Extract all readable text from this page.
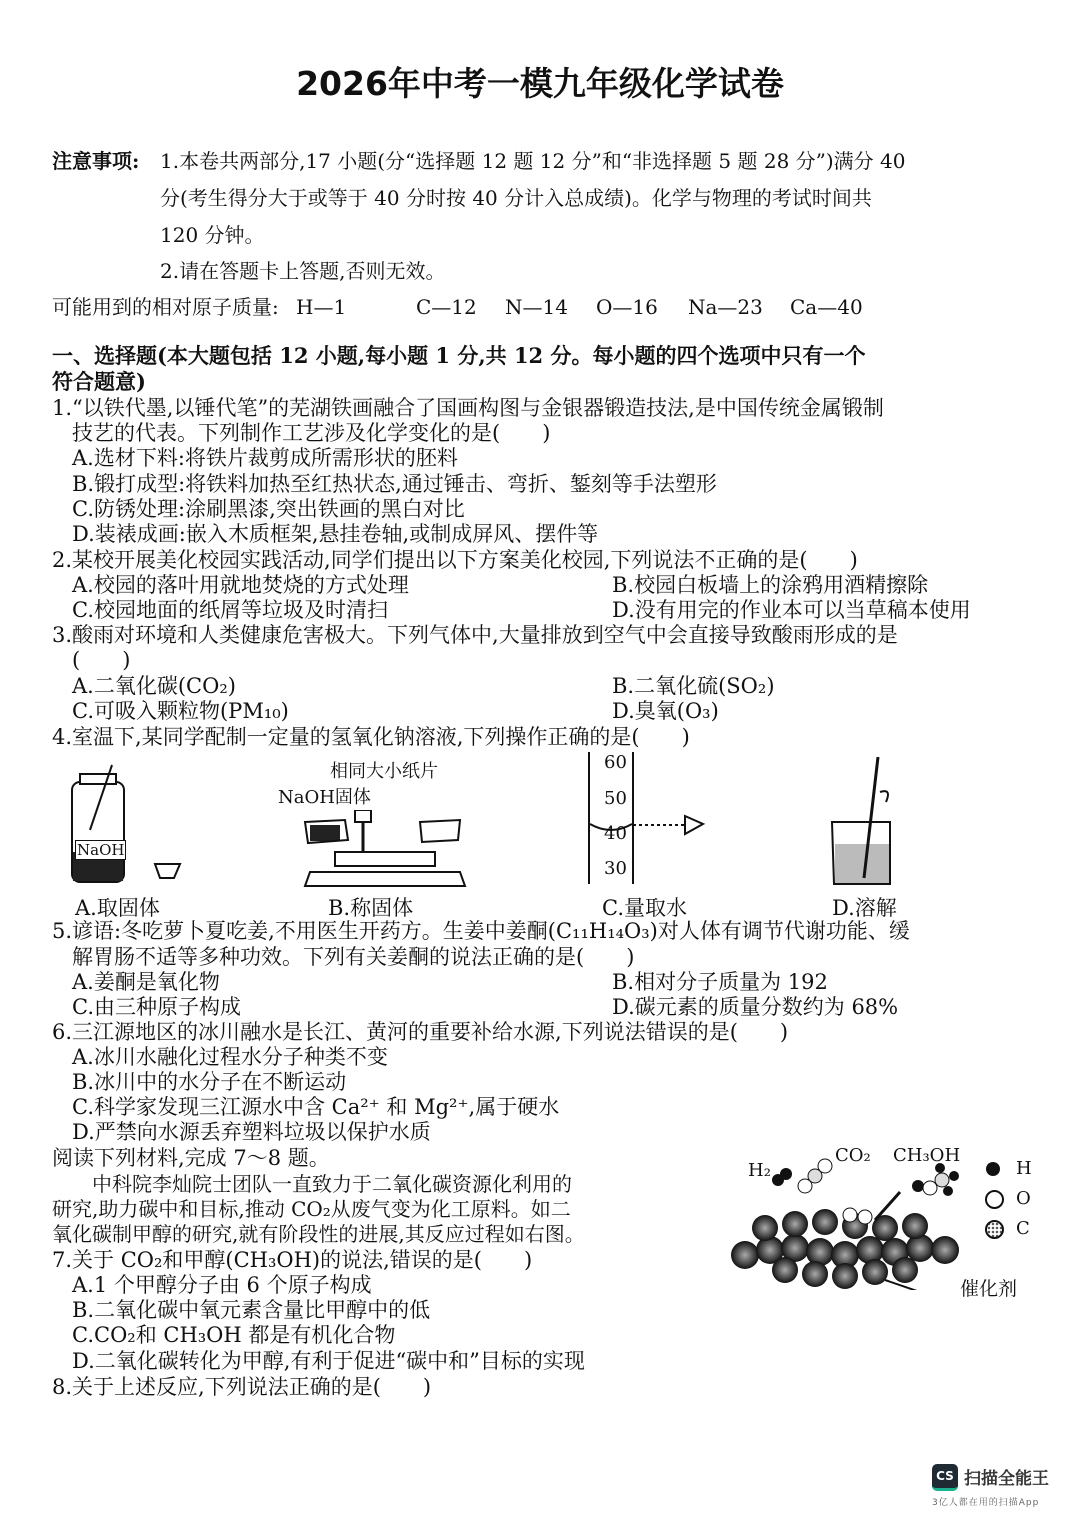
2026年中考一模九年级化学试卷
注意事项: 1.本卷共两部分,17 小题(分“选择题 12 题 12 分”和“非选择题 5 题 28 分”)满分 40
分(考生得分大于或等于 40 分时按 40 分计入总成绩)。化学与物理的考试时间共
120 分钟。
2.请在答题卡上答题,否则无效。
可能用到的相对原子质量: H—1	C—12 N—14 O—16 Na—23 Ca—40
一、选择题(本大题包括 12 小题,每小题 1 分,共 12 分。每小题的四个选项中只有一个
符合题意)
1.“以铁代墨,以锤代笔”的芜湖铁画融合了国画构图与金银器锻造技法,是中国传统金属锻制
技艺的代表。下列制作工艺涉及化学变化的是(　　)
A.选材下料:将铁片裁剪成所需形状的胚料
B.锻打成型:将铁料加热至红热状态,通过锤击、弯折、錾刻等手法塑形
C.防锈处理:涂刷黑漆,突出铁画的黑白对比
D.装裱成画:嵌入木质框架,悬挂卷轴,或制成屏风、摆件等
2.某校开展美化校园实践活动,同学们提出以下方案美化校园,下列说法不正确的是(　　)
A.校园的落叶用就地焚烧的方式处理	B.校园白板墙上的涂鸦用酒精擦除
C.校园地面的纸屑等垃圾及时清扫	D.没有用完的作业本可以当草稿本使用
3.酸雨对环境和人类健康危害极大。下列气体中,大量排放到空气中会直接导致酸雨形成的是
(　　)
A.二氧化碳(CO₂)	B.二氧化硫(SO₂)
C.可吸入颗粒物(PM₁₀)	D.臭氧(O₃)
4.室温下,某同学配制一定量的氢氧化钠溶液,下列操作正确的是(　　)
NaOH
相同大小纸片
NaOH固体
60
50
40
30
A.取固体	B.称固体	C.量取水	D.溶解
5.谚语:冬吃萝卜夏吃姜,不用医生开药方。生姜中姜酮(C₁₁H₁₄O₃)对人体有调节代谢功能、缓
解胃肠不适等多种功效。下列有关姜酮的说法正确的是(　　)
A.姜酮是氧化物	B.相对分子质量为 192
C.由三种原子构成	D.碳元素的质量分数约为 68%
6.三江源地区的冰川融水是长江、黄河的重要补给水源,下列说法错误的是(　　)
A.冰川水融化过程水分子种类不变
B.冰川中的水分子在不断运动
C.科学家发现三江源水中含 Ca²⁺ 和 Mg²⁺,属于硬水
D.严禁向水源丢弃塑料垃圾以保护水质
阅读下列材料,完成 7～8 题。
　　中科院李灿院士团队一直致力于二氧化碳资源化利用的
研究,助力碳中和目标,推动 CO₂从废气变为化工原料。如二
氧化碳制甲醇的研究,就有阶段性的进展,其反应过程如右图。
H₂
CO₂ CH₃OH
H
O
C
催化剂
7.关于 CO₂和甲醇(CH₃OH)的说法,错误的是(　　)
A.1 个甲醇分子由 6 个原子构成
B.二氧化碳中氧元素含量比甲醇中的低
C.CO₂和 CH₃OH 都是有机化合物
D.二氧化碳转化为甲醇,有利于促进“碳中和”目标的实现
8.关于上述反应,下列说法正确的是(　　)
CS 扫描全能王
3亿人都在用的扫描App
